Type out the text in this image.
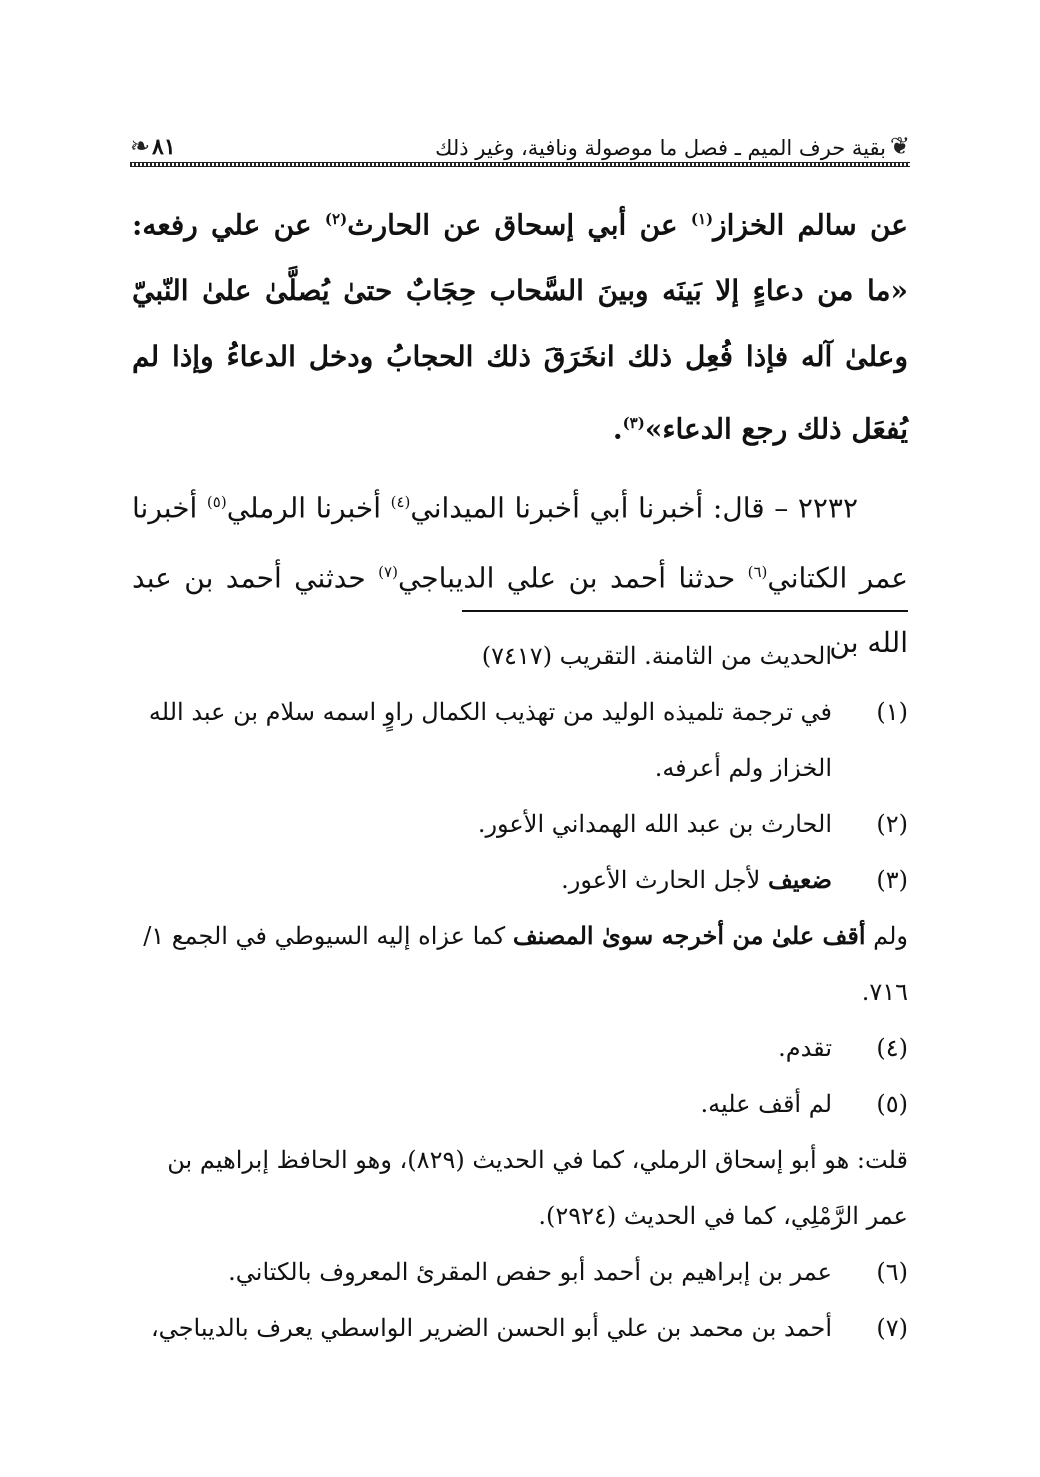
❦
بقية حرف الميم ـ فصل ما موصولة ونافية، وغير ذلك
٨١
❧
عن سالم الخزاز$^{(١)}$ عن أبي إسحاق عن الحارث$^{(٢)}$ عن علي رفعه: «ما من دعاءٍ إلا بَينَه وبينَ السَّحاب حِجَابٌ حتىٰ يُصلَّىٰ علىٰ النّبيّ وعلىٰ آله فإذا فُعِل ذلك انخَرَقَ ذلك الحجابُ ودخل الدعاءُ وإذا لم يُفعَل ذلك رجع الدعاء»$^{(٣)}$.
٢٢٣٢ – قال: أخبرنا أبي أخبرنا الميداني$^{(٤)}$ أخبرنا الرملي$^{(٥)}$ أخبرنا عمر الكتاني$^{(٦)}$ حدثنا أحمد بن علي الديباجي$^{(٧)}$ حدثني أحمد بن عبد الله بن
الحديث من الثامنة. التقريب (٧٤١٧)
(١)
في ترجمة تلميذه الوليد من تهذيب الكمال راوٍ اسمه سلام بن عبد الله الخزاز ولم أعرفه.
(٢)
الحارث بن عبد الله الهمداني الأعور.
(٣)
ضعيف لأجل الحارث الأعور.
ولم أقف علىٰ من أخرجه سوىٰ المصنف كما عزاه إليه السيوطي في الجمع ١/ ٧١٦.
(٤)
تقدم.
(٥)
لم أقف عليه.
قلت: هو أبو إسحاق الرملي، كما في الحديث (٨٢٩)، وهو الحافظ إبراهيم بن عمر الرَّمْلِي، كما في الحديث (٢٩٢٤).
(٦)
عمر بن إبراهيم بن أحمد أبو حفص المقرئ المعروف بالكتاني.
(٧)
أحمد بن محمد بن علي أبو الحسن الضرير الواسطي يعرف بالديباجي،
